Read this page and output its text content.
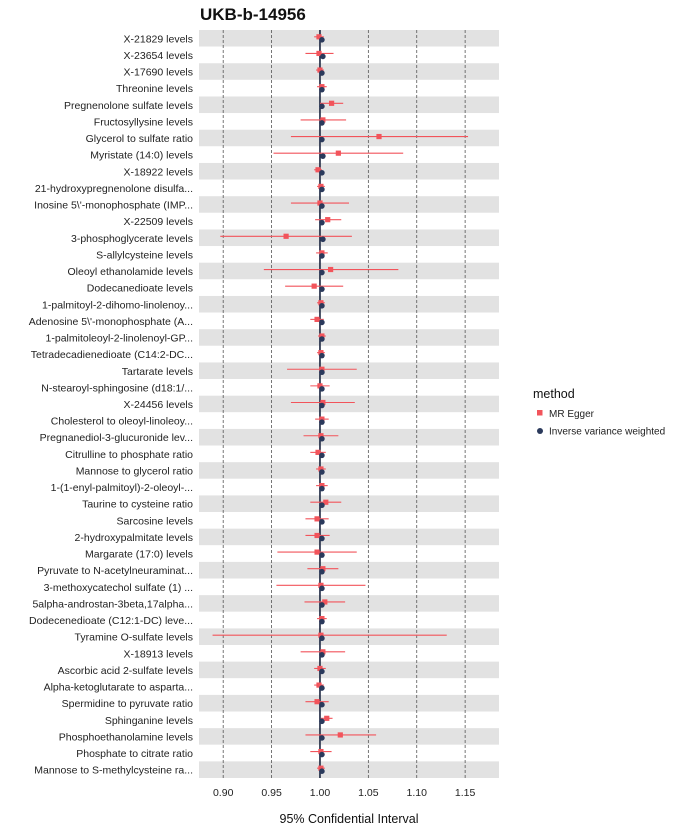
UKB-b-14956
X-21829 levels
X-23654 levels
X-17690 levels
Threonine levels
Pregnenolone sulfate levels
Fructosyllysine levels
Glycerol to sulfate ratio
Myristate (14:0) levels
X-18922 levels
21-hydroxypregnenolone disulfa...
Inosine 5\'-monophosphate (IMP...
X-22509 levels
3-phosphoglycerate levels
S-allylcysteine levels
Oleoyl ethanolamide levels
Dodecanedioate levels
1-palmitoyl-2-dihomo-linolenoy...
Adenosine 5\'-monophosphate (A...
1-palmitoleoyl-2-linolenoyl-GP...
Tetradecadienedioate (C14:2-DC...
Tartarate levels
N-stearoyl-sphingosine (d18:1/...
X-24456 levels
Cholesterol to oleoyl-linoleoy...
Pregnanediol-3-glucuronide lev...
Citrulline to phosphate ratio
Mannose to glycerol ratio
1-(1-enyl-palmitoyl)-2-oleoyl-...
Taurine to cysteine ratio
Sarcosine levels
2-hydroxypalmitate levels
Margarate (17:0) levels
Pyruvate to N-acetylneuraminat...
3-methoxycatechol sulfate (1) ...
5alpha-androstan-3beta,17alpha...
Dodecenedioate (C12:1-DC) leve...
Tyramine O-sulfate levels
X-18913 levels
Ascorbic acid 2-sulfate levels
Alpha-ketoglutarate to asparta...
Spermidine to pyruvate ratio
Sphinganine levels
Phosphoethanolamine levels
Phosphate to citrate ratio
Mannose to S-methylcysteine ra...
0.90	0.95	1.00	1.05	1.10	1.15
95% Confidential Interval
method
MR Egger
Inverse variance weighted
